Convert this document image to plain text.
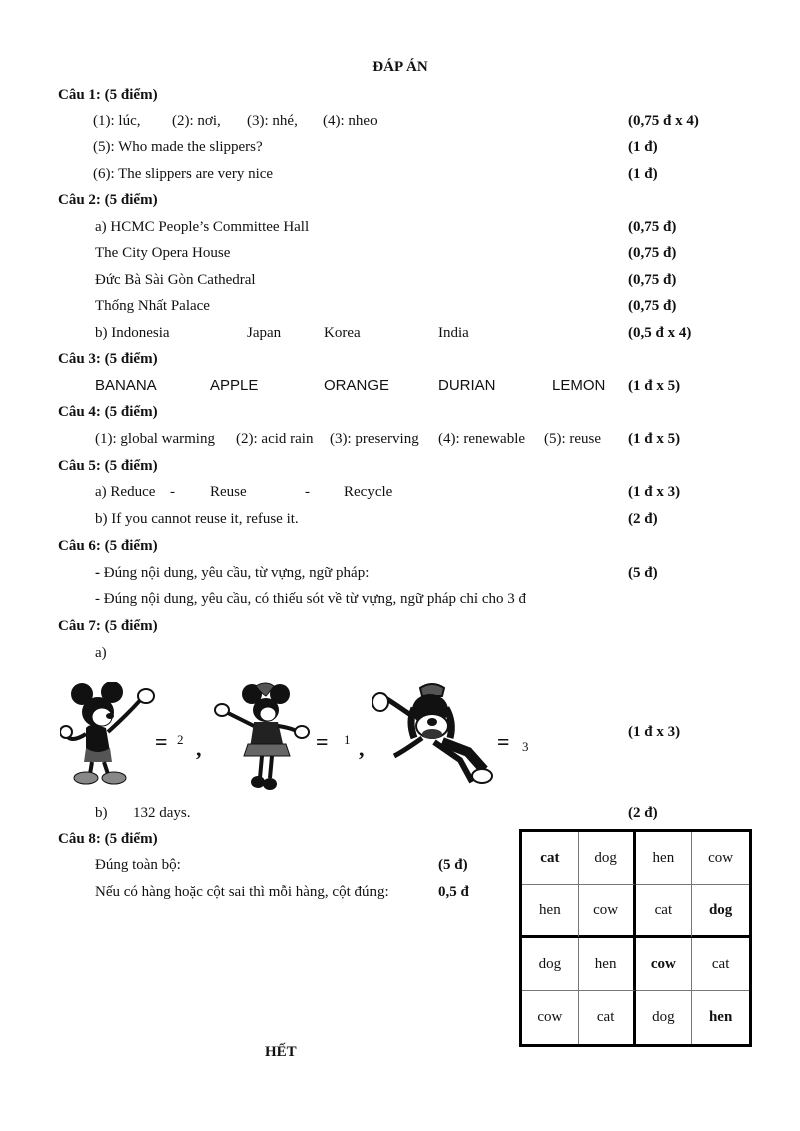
ĐÁP ÁN
Câu 1: (5 điểm)
(1): lúc, (2): nơi, (3): nhé, (4): nheo	(0,75 đ x 4)
(5): Who made the slippers?	(1 đ)
(6): The slippers are very nice	(1 đ)
Câu 2: (5 điểm)
a) HCMC People’s Committee Hall	(0,75 đ)
The City Opera House	(0,75 đ)
Đức Bà Sài Gòn Cathedral	(0,75 đ)
Thống Nhất Palace	(0,75 đ)
b) Indonesia	Japan	Korea	India	(0,5 đ x 4)
Câu 3: (5 điểm)
BANANA	APPLE	ORANGE	DURIAN	LEMON (1 đ x 5)
Câu 4: (5 điểm)
(1): global warming (2): acid rain (3): preserving (4): renewable (5): reuse (1 đ x 5)
Câu 5: (5 điểm)
a) Reduce - Reuse	- Recycle	(1 đ x 3)
b) If you cannot reuse it, refuse it.	(2 đ)
Câu 6: (5 điểm)
- Đúng nội dung, yêu cầu, từ vựng, ngữ pháp:	(5 đ)
- Đúng nội dung, yêu cầu, có thiếu sót về từ vựng, ngữ pháp chỉ cho 3 đ
Câu 7: (5 điểm)
a)
= 2 ,	= 1 ,	= 3
(1 đ x 3)
b) 132 days.	(2 đ)
Câu 8: (5 điểm)
Đúng toàn bộ:	(5 đ)
Nếu có hàng hoặc cột sai thì mỗi hàng, cột đúng:	0,5 đ
cat	dog	hen	cow
hen	cow	cat	dog
dog	hen	cow	cat
cow	cat	dog	hen
HẾT
